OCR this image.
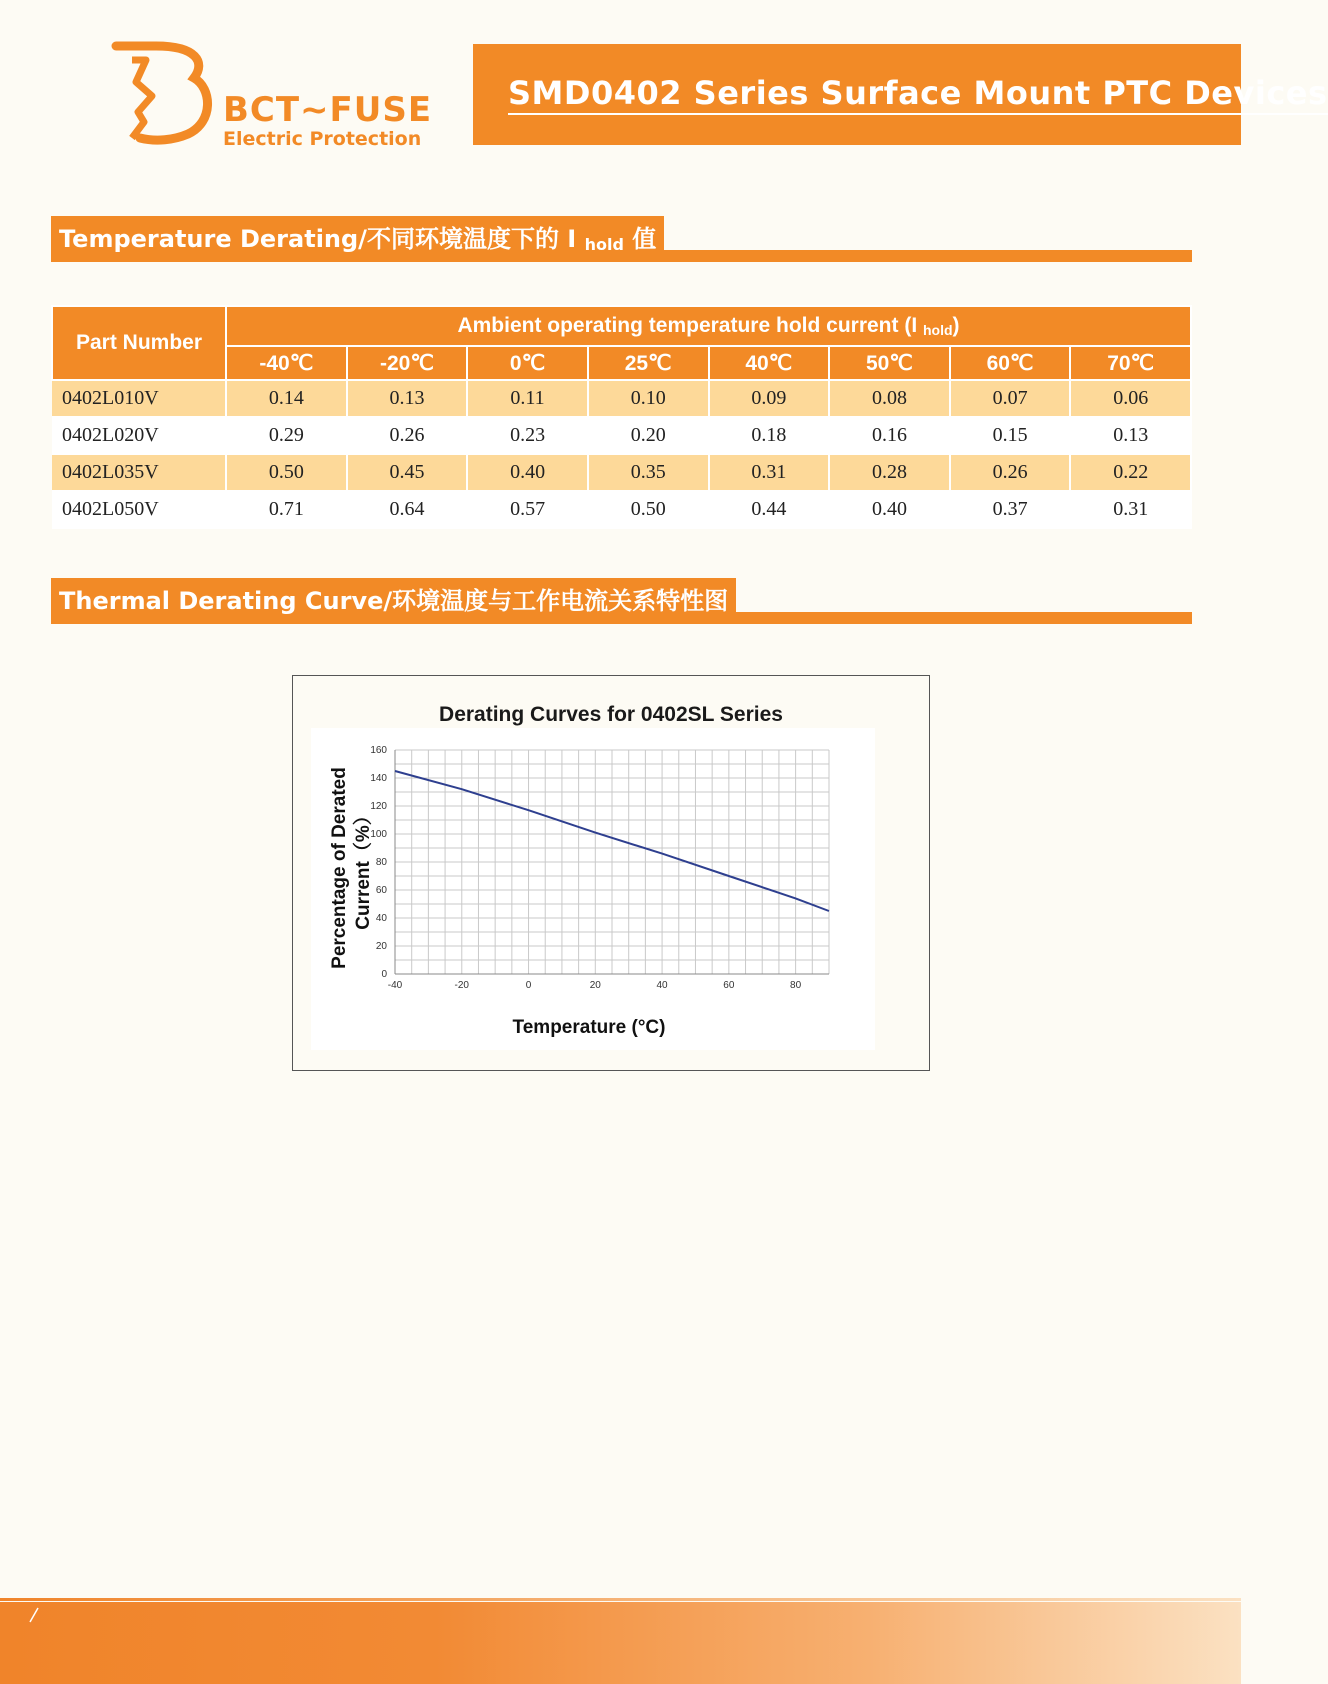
BCT~FUSE
Electric Protection
SMD0402 Series Surface Mount PTC Devices
Temperature Derating/不同环境温度下的 I $_{hold}$ 值
Part Number	Ambient operating temperature hold current (I $_{hold}$)							
	-40℃	-20℃	0℃	25℃	40℃	50℃	60℃	70℃
0402L010V	0.14	0.13	0.11	0.10	0.09	0.08	0.07	0.06
0402L020V	0.29	0.26	0.23	0.20	0.18	0.16	0.15	0.13
0402L035V	0.50	0.45	0.40	0.35	0.31	0.28	0.26	0.22
0402L050V	0.71	0.64	0.57	0.50	0.44	0.40	0.37	0.31
Thermal Derating Curve/环境温度与工作电流关系特性图
Derating Curves for 0402SL Series
-40	-20	0	20	40	60	80
0
20
40
60
80
100
120
140
160
Temperature (°C)
Percentage of Derated Current（%）
